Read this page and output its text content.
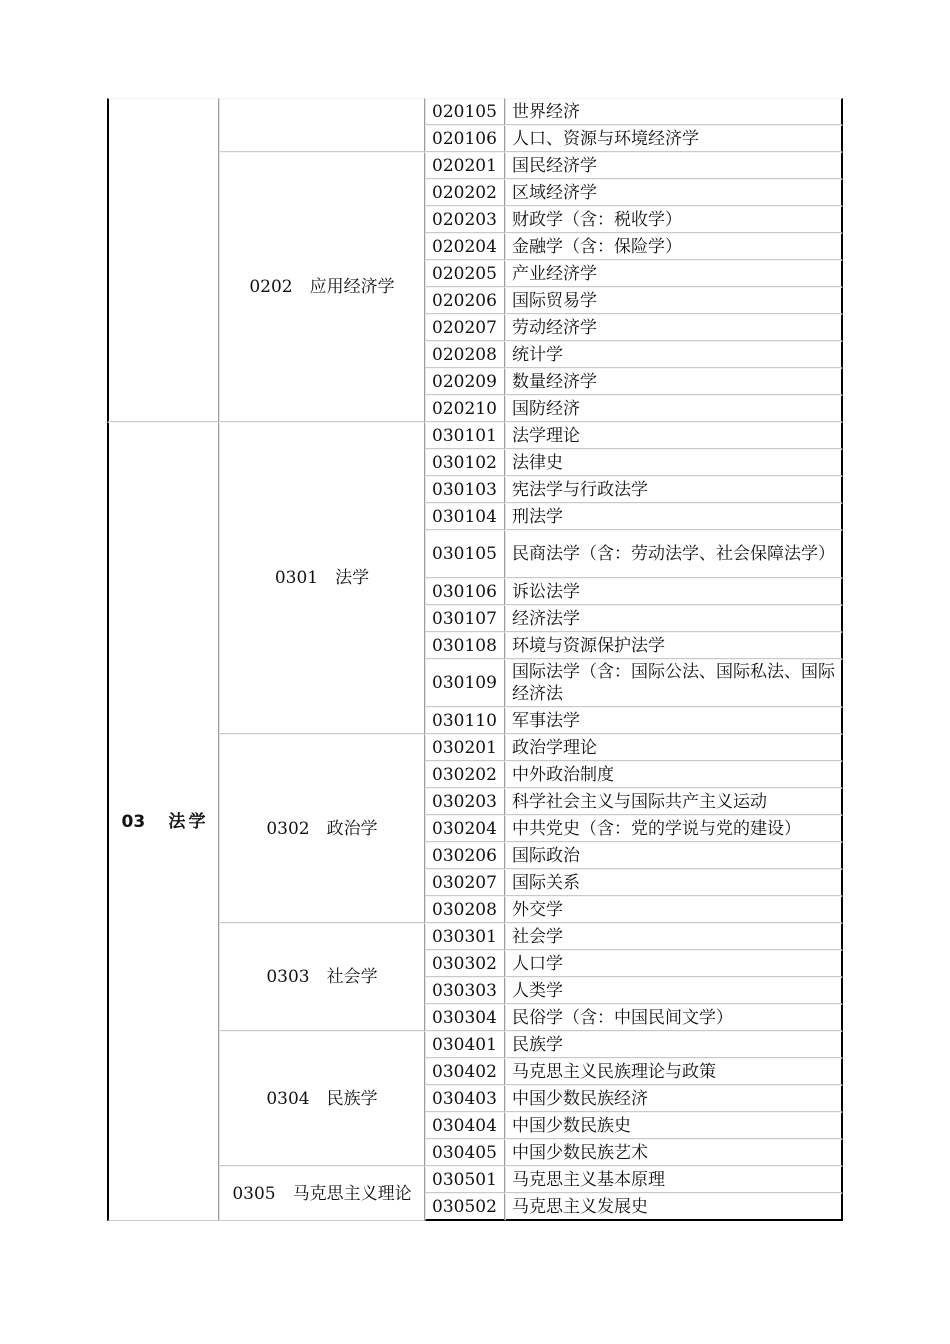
		020105	世界经济
		020106	人口、资源与环境经济学
	0202　应用经济学	020201	国民经济学
		020202	区域经济学
		020203	财政学（含：税收学）
		020204	金融学（含：保险学）
		020205	产业经济学
		020206	国际贸易学
		020207	劳动经济学
		020208	统计学
		020209	数量经济学
		020210	国防经济
03　法学	0301　法学	030101	法学理论
		030102	法律史
		030103	宪法学与行政法学
		030104	刑法学
		030105	民商法学（含：劳动法学、社会保障法学）
		030106	诉讼法学
		030107	经济法学
		030108	环境与资源保护法学
		030109	国际法学（含：国际公法、国际私法、国际经济法
		030110	军事法学
	0302　政治学	030201	政治学理论
		030202	中外政治制度
		030203	科学社会主义与国际共产主义运动
		030204	中共党史（含：党的学说与党的建设）
		030206	国际政治
		030207	国际关系
		030208	外交学
	0303　社会学	030301	社会学
		030302	人口学
		030303	人类学
		030304	民俗学（含：中国民间文学）
	0304　民族学	030401	民族学
		030402	马克思主义民族理论与政策
		030403	中国少数民族经济
		030404	中国少数民族史
		030405	中国少数民族艺术
	0305　马克思主义理论	030501	马克思主义基本原理
		030502	马克思主义发展史
